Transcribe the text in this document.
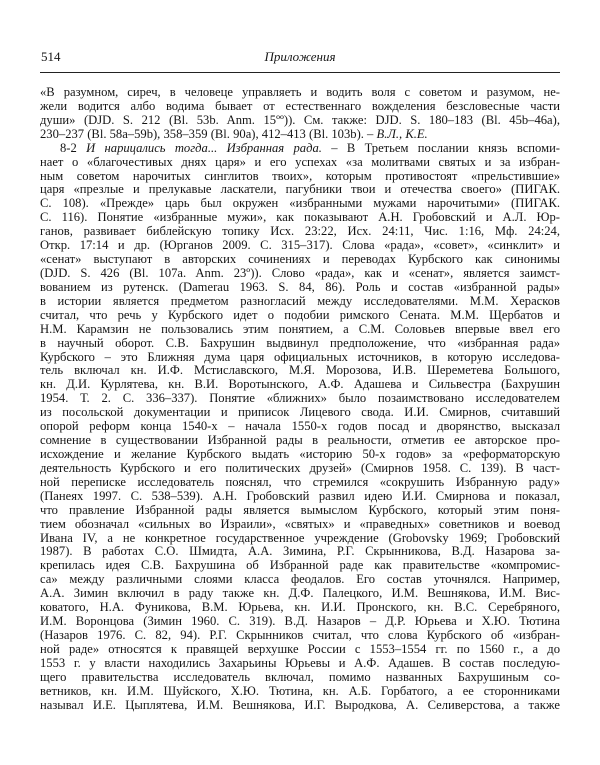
514	Приложения
«В разумном, сиреч, в человеце управляеть и водить воля с советом и разумом, не-
жели водится албо водима бывает от естественнаго вожделения безсловесные части
души» (DJD. S. 212 (Bl. 53b. Anm. 15ºº)). См. также: DJD. S. 180–183 (Bl. 45b–46a),
230–237 (Bl. 58a–59b), 358–359 (Bl. 90a), 412–413 (Bl. 103b). – В.Л., К.Е.
8-2 И нарицались тогда... Избранная рада. – В Третьем послании князь вспоми-
нает о «благочестивых днях царя» и его успехах «за молитвами святых и за избран-
ным советом нарочитых синглитов твоих», которым противостоят «прельстившие»
царя «презлые и прелукавые ласкатели, пагубники твои и отечества своего» (ПИГАК.
С. 108). «Прежде» царь был окружен «избранными мужами нарочитыми» (ПИГАК.
С. 116). Понятие «избранные мужи», как показывают А.Н. Гробовский и А.Л. Юр-
ганов, развивает библейскую топику Исх. 23:22, Исх. 24:11, Чис. 1:16, Мф. 24:24,
Откр. 17:14 и др. (Юрганов 2009. С. 315–317). Слова «рада», «совет», «синклит» и
«сенат» выступают в авторских сочинениях и переводах Курбского как синонимы
(DJD. S. 426 (Bl. 107a. Anm. 23º)). Слово «рада», как и «сенат», является заимст-
вованием из рутенск. (Damerau 1963. S. 84, 86). Роль и состав «избранной рады»
в истории является предметом разногласий между исследователями. М.М. Херасков
считал, что речь у Курбского идет о подобии римского Сената. М.М. Щербатов и
Н.М. Карамзин не пользовались этим понятием, а С.М. Соловьев впервые ввел его
в научный оборот. С.В. Бахрушин выдвинул предположение, что «избранная рада»
Курбского – это Ближняя дума царя официальных источников, в которую исследова-
тель включал кн. И.Ф. Мстиславского, М.Я. Морозова, И.В. Шереметева Большого,
кн. Д.И. Курлятева, кн. В.И. Воротынского, А.Ф. Адашева и Сильвестра (Бахрушин
1954. Т. 2. С. 336–337). Понятие «ближних» было позаимствовано исследователем
из посольской документации и приписок Лицевого свода. И.И. Смирнов, считавший
опорой реформ конца 1540-х – начала 1550-х годов посад и дворянство, высказал
сомнение в существовании Избранной рады в реальности, отметив ее авторское про-
исхождение и желание Курбского выдать «историю 50-х годов» за «реформаторскую
деятельность Курбского и его политических друзей» (Смирнов 1958. С. 139). В част-
ной переписке исследователь пояснял, что стремился «сокрушить Избранную раду»
(Панеях 1997. С. 538–539). А.Н. Гробовский развил идею И.И. Смирнова и показал,
что правление Избранной рады является вымыслом Курбского, который этим поня-
тием обозначал «сильных во Израили», «святых» и «праведных» советников и воевод
Ивана IV, а не конкретное государственное учреждение (Grobovsky 1969; Гробовский
1987). В работах С.О. Шмидта, А.А. Зимина, Р.Г. Скрынникова, В.Д. Назарова за-
крепилась идея С.В. Бахрушина об Избранной раде как правительстве «компромис-
са» между различными слоями класса феодалов. Его состав уточнялся. Например,
А.А. Зимин включил в раду также кн. Д.Ф. Палецкого, И.М. Вешнякова, И.М. Вис-
коватого, Н.А. Фуникова, В.М. Юрьева, кн. И.И. Пронского, кн. В.С. Серебряного,
И.М. Воронцова (Зимин 1960. С. 319). В.Д. Назаров – Д.Р. Юрьева и Х.Ю. Тютина
(Назаров 1976. С. 82, 94). Р.Г. Скрынников считал, что слова Курбского об «избран-
ной раде» относятся к правящей верхушке России с 1553–1554 гг. по 1560 г., а до
1553 г. у власти находились Захарьины Юрьевы и А.Ф. Адашев. В состав последую-
щего правительства исследователь включал, помимо названных Бахрушиным со-
ветников, кн. И.М. Шуйского, Х.Ю. Тютина, кн. А.Б. Горбатого, а ее сторонниками
называл И.Е. Цыплятева, И.М. Вешнякова, И.Г. Выродкова, А. Селиверстова, а также
